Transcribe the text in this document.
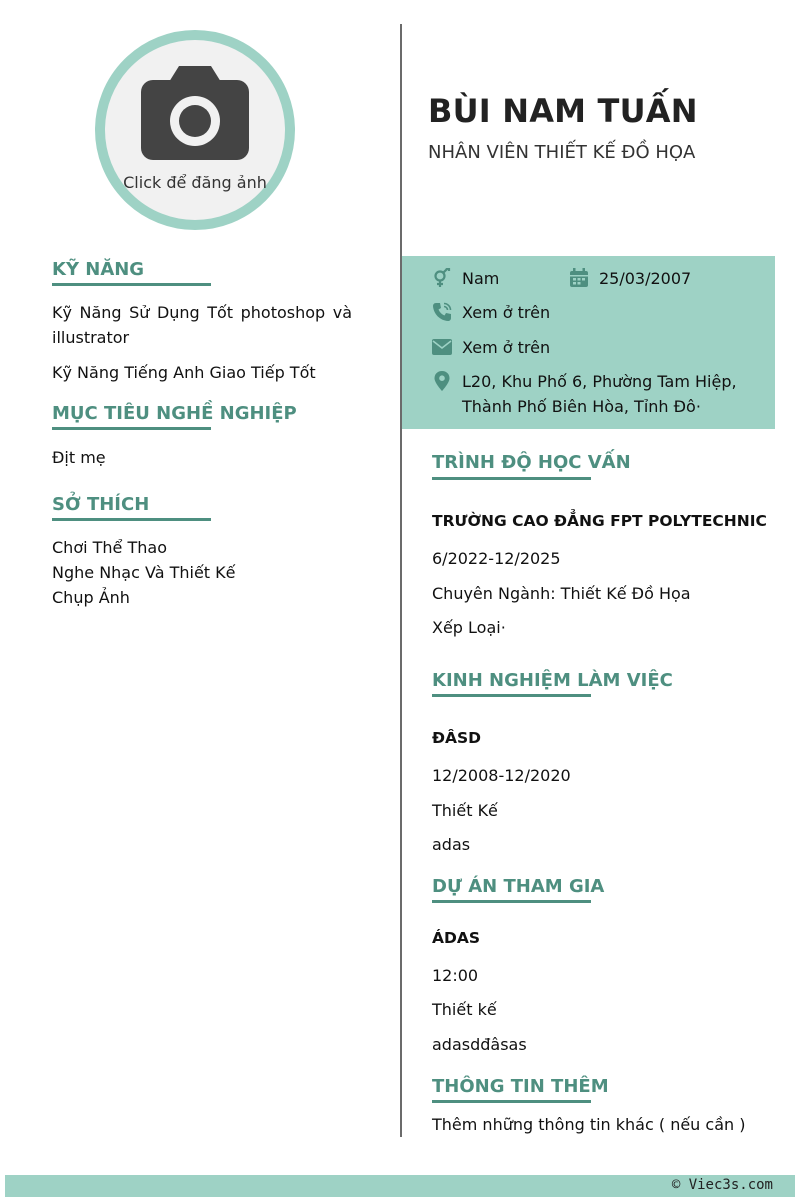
Click để đăng ảnh
BÙI NAM TUẤN
NHÂN VIÊN THIẾT KẾ ĐỒ HỌA
Nam	25/03/2007
Xem ở trên
Xem ở trên
L20, Khu Phố 6, Phường Tam Hiệp,
Thành Phố Biên Hòa, Tỉnh Đô·
KỸ NĂNG
Kỹ Năng Sử Dụng Tốt photoshop và illustrator
Kỹ Năng Tiếng Anh Giao Tiếp Tốt
MỤC TIÊU NGHỀ NGHIỆP
Địt mẹ
SỞ THÍCH
Chơi Thể Thao
Nghe Nhạc Và Thiết Kế
Chụp Ảnh
TRÌNH ĐỘ HỌC VẤN
TRƯỜNG CAO ĐẲNG FPT POLYTECHNIC
6/2022-12/2025
Chuyên Ngành: Thiết Kế Đồ Họa
Xếp Loại·
KINH NGHIỆM LÀM VIỆC
ĐÂSD
12/2008-12/2020
Thiết Kế
adas
DỰ ÁN THAM GIA
ÁDAS
12:00
Thiết kế
adasdđâsas
THÔNG TIN THÊM
Thêm những thông tin khác ( nếu cần )
© Viec3s.com
